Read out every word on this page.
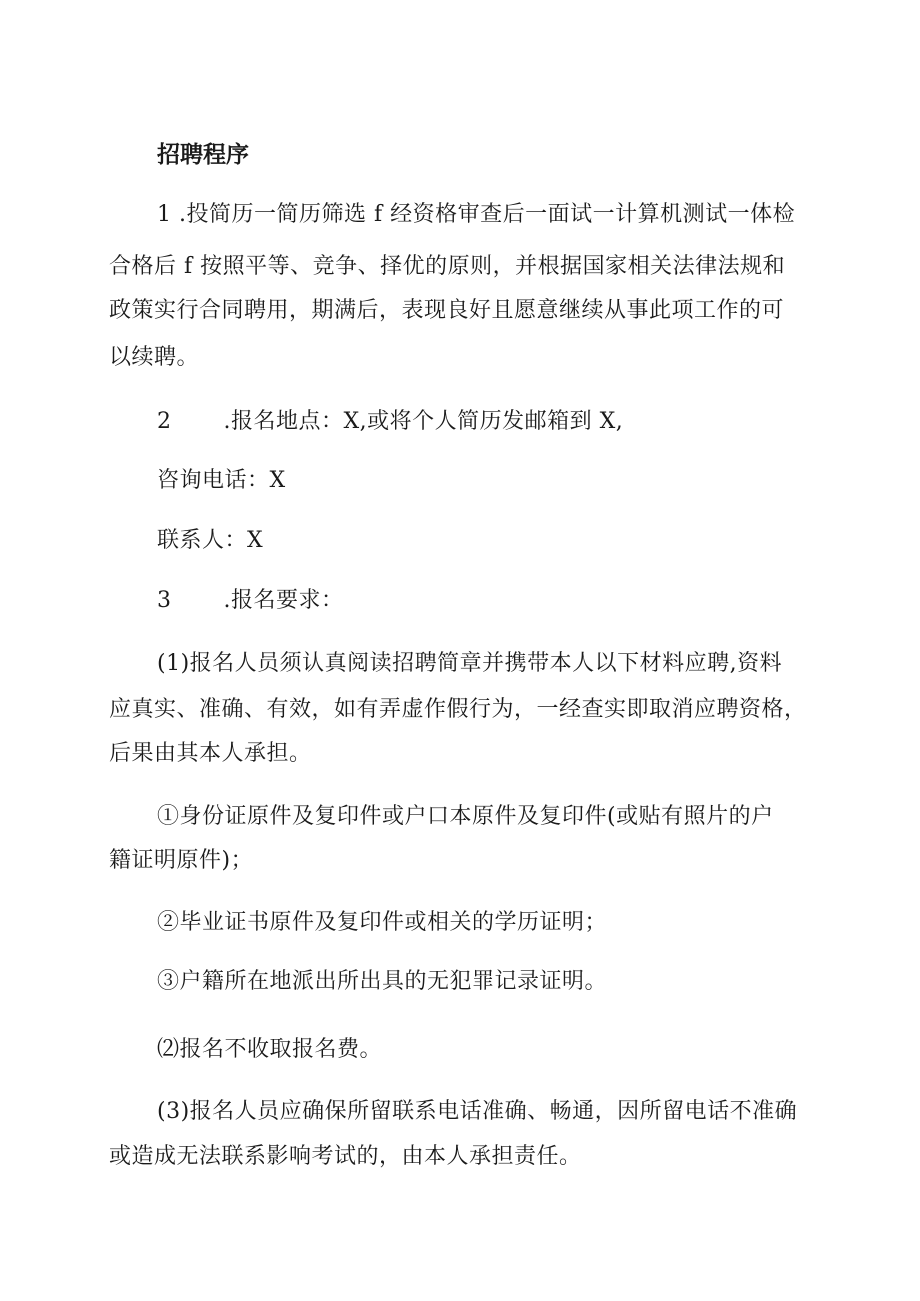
招聘程序

1 .投简历一简历筛选 f 经资格审查后一面试一计算机测试一体检

合格后 f 按照平等、竞争、择优的原则，并根据国家相关法律法规和

政策实行合同聘用，期满后，表现良好且愿意继续从事此项工作的可

以续聘。

2 .报名地点：X,或将个人简历发邮箱到 X,

咨询电话：X

联系人：X

3 .报名要求：

(1)报名人员须认真阅读招聘简章并携带本人以下材料应聘,资料

应真实、准确、有效，如有弄虚作假行为，一经查实即取消应聘资格，

后果由其本人承担。

①身份证原件及复印件或户口本原件及复印件(或贴有照片的户

籍证明原件)；

②毕业证书原件及复印件或相关的学历证明；

③户籍所在地派出所出具的无犯罪记录证明。

⑵报名不收取报名费。

(3)报名人员应确保所留联系电话准确、畅通，因所留电话不准确

或造成无法联系影响考试的，由本人承担责任。
